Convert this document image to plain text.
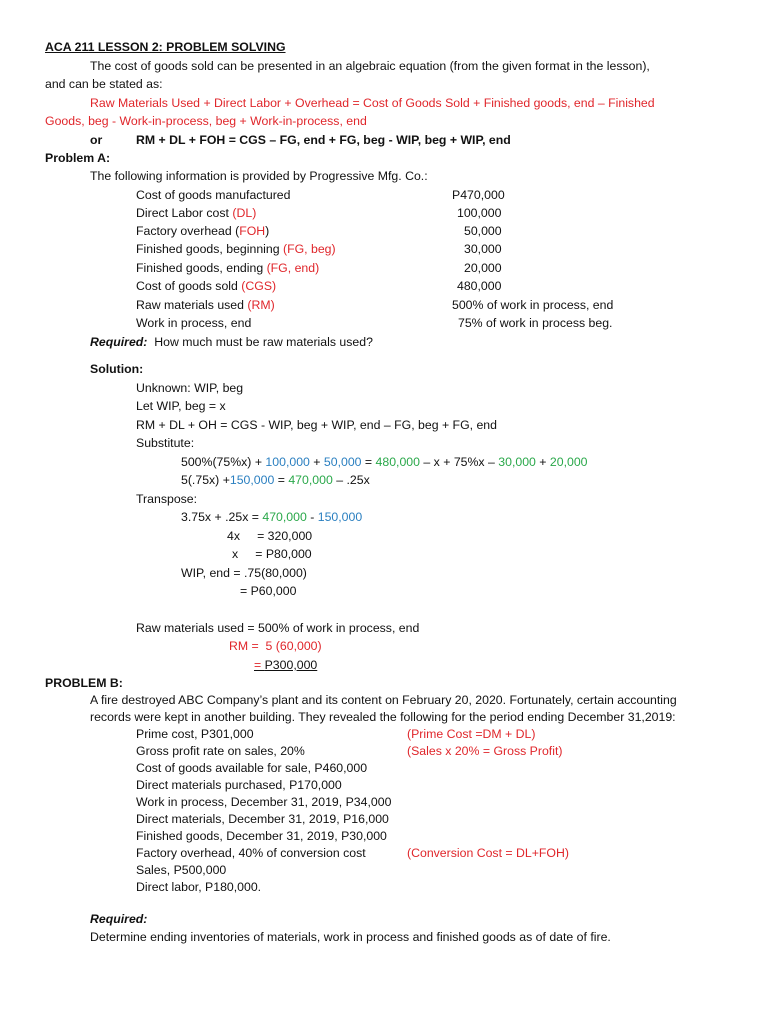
ACA 211 LESSON 2: PROBLEM SOLVING
The cost of goods sold can be presented in an algebraic equation (from the given format in the lesson),
and can be stated as:
Raw Materials Used + Direct Labor + Overhead = Cost of Goods Sold + Finished goods, end – Finished
Goods, beg - Work-in-process, beg + Work-in-process, end
or	RM + DL + FOH = CGS – FG, end + FG, beg - WIP, beg + WIP, end
Problem A:
The following information is provided by Progressive Mfg. Co.:
Cost of goods manufactured	P470,000
Direct Labor cost (DL)	100,000
Factory overhead (FOH)	50,000
Finished goods, beginning (FG, beg)	30,000
Finished goods, ending (FG, end)	20,000
Cost of goods sold (CGS)	480,000
Raw materials used (RM)	500% of work in process, end
Work in process, end	75% of work in process beg.
Required: How much must be raw materials used?
Solution:
Unknown: WIP, beg
Let WIP, beg = x
RM + DL + OH = CGS - WIP, beg + WIP, end – FG, beg + FG, end
Substitute:
500%(75%x) + 100,000 + 50,000 = 480,000 – x + 75%x – 30,000 + 20,000
5(.75x) +150,000 = 470,000 – .25x
Transpose:
3.75x + .25x = 470,000 - 150,000
4x     = 320,000
x     = P80,000
WIP, end = .75(80,000)
= P60,000
Raw materials used = 500% of work in process, end
RM =  5 (60,000)
= P300,000
PROBLEM B:
A fire destroyed ABC Company’s plant and its content on February 20, 2020. Fortunately, certain accounting
records were kept in another building. They revealed the following for the period ending December 31,2019:
Prime cost, P301,000	(Prime Cost =DM + DL)
Gross profit rate on sales, 20%	(Sales x 20% = Gross Profit)
Cost of goods available for sale, P460,000
Direct materials purchased, P170,000
Work in process, December 31, 2019, P34,000
Direct materials, December 31, 2019, P16,000
Finished goods, December 31, 2019, P30,000
Factory overhead, 40% of conversion cost	(Conversion Cost = DL+FOH)
Sales, P500,000
Direct labor, P180,000.
Required:
Determine ending inventories of materials, work in process and finished goods as of date of fire.
